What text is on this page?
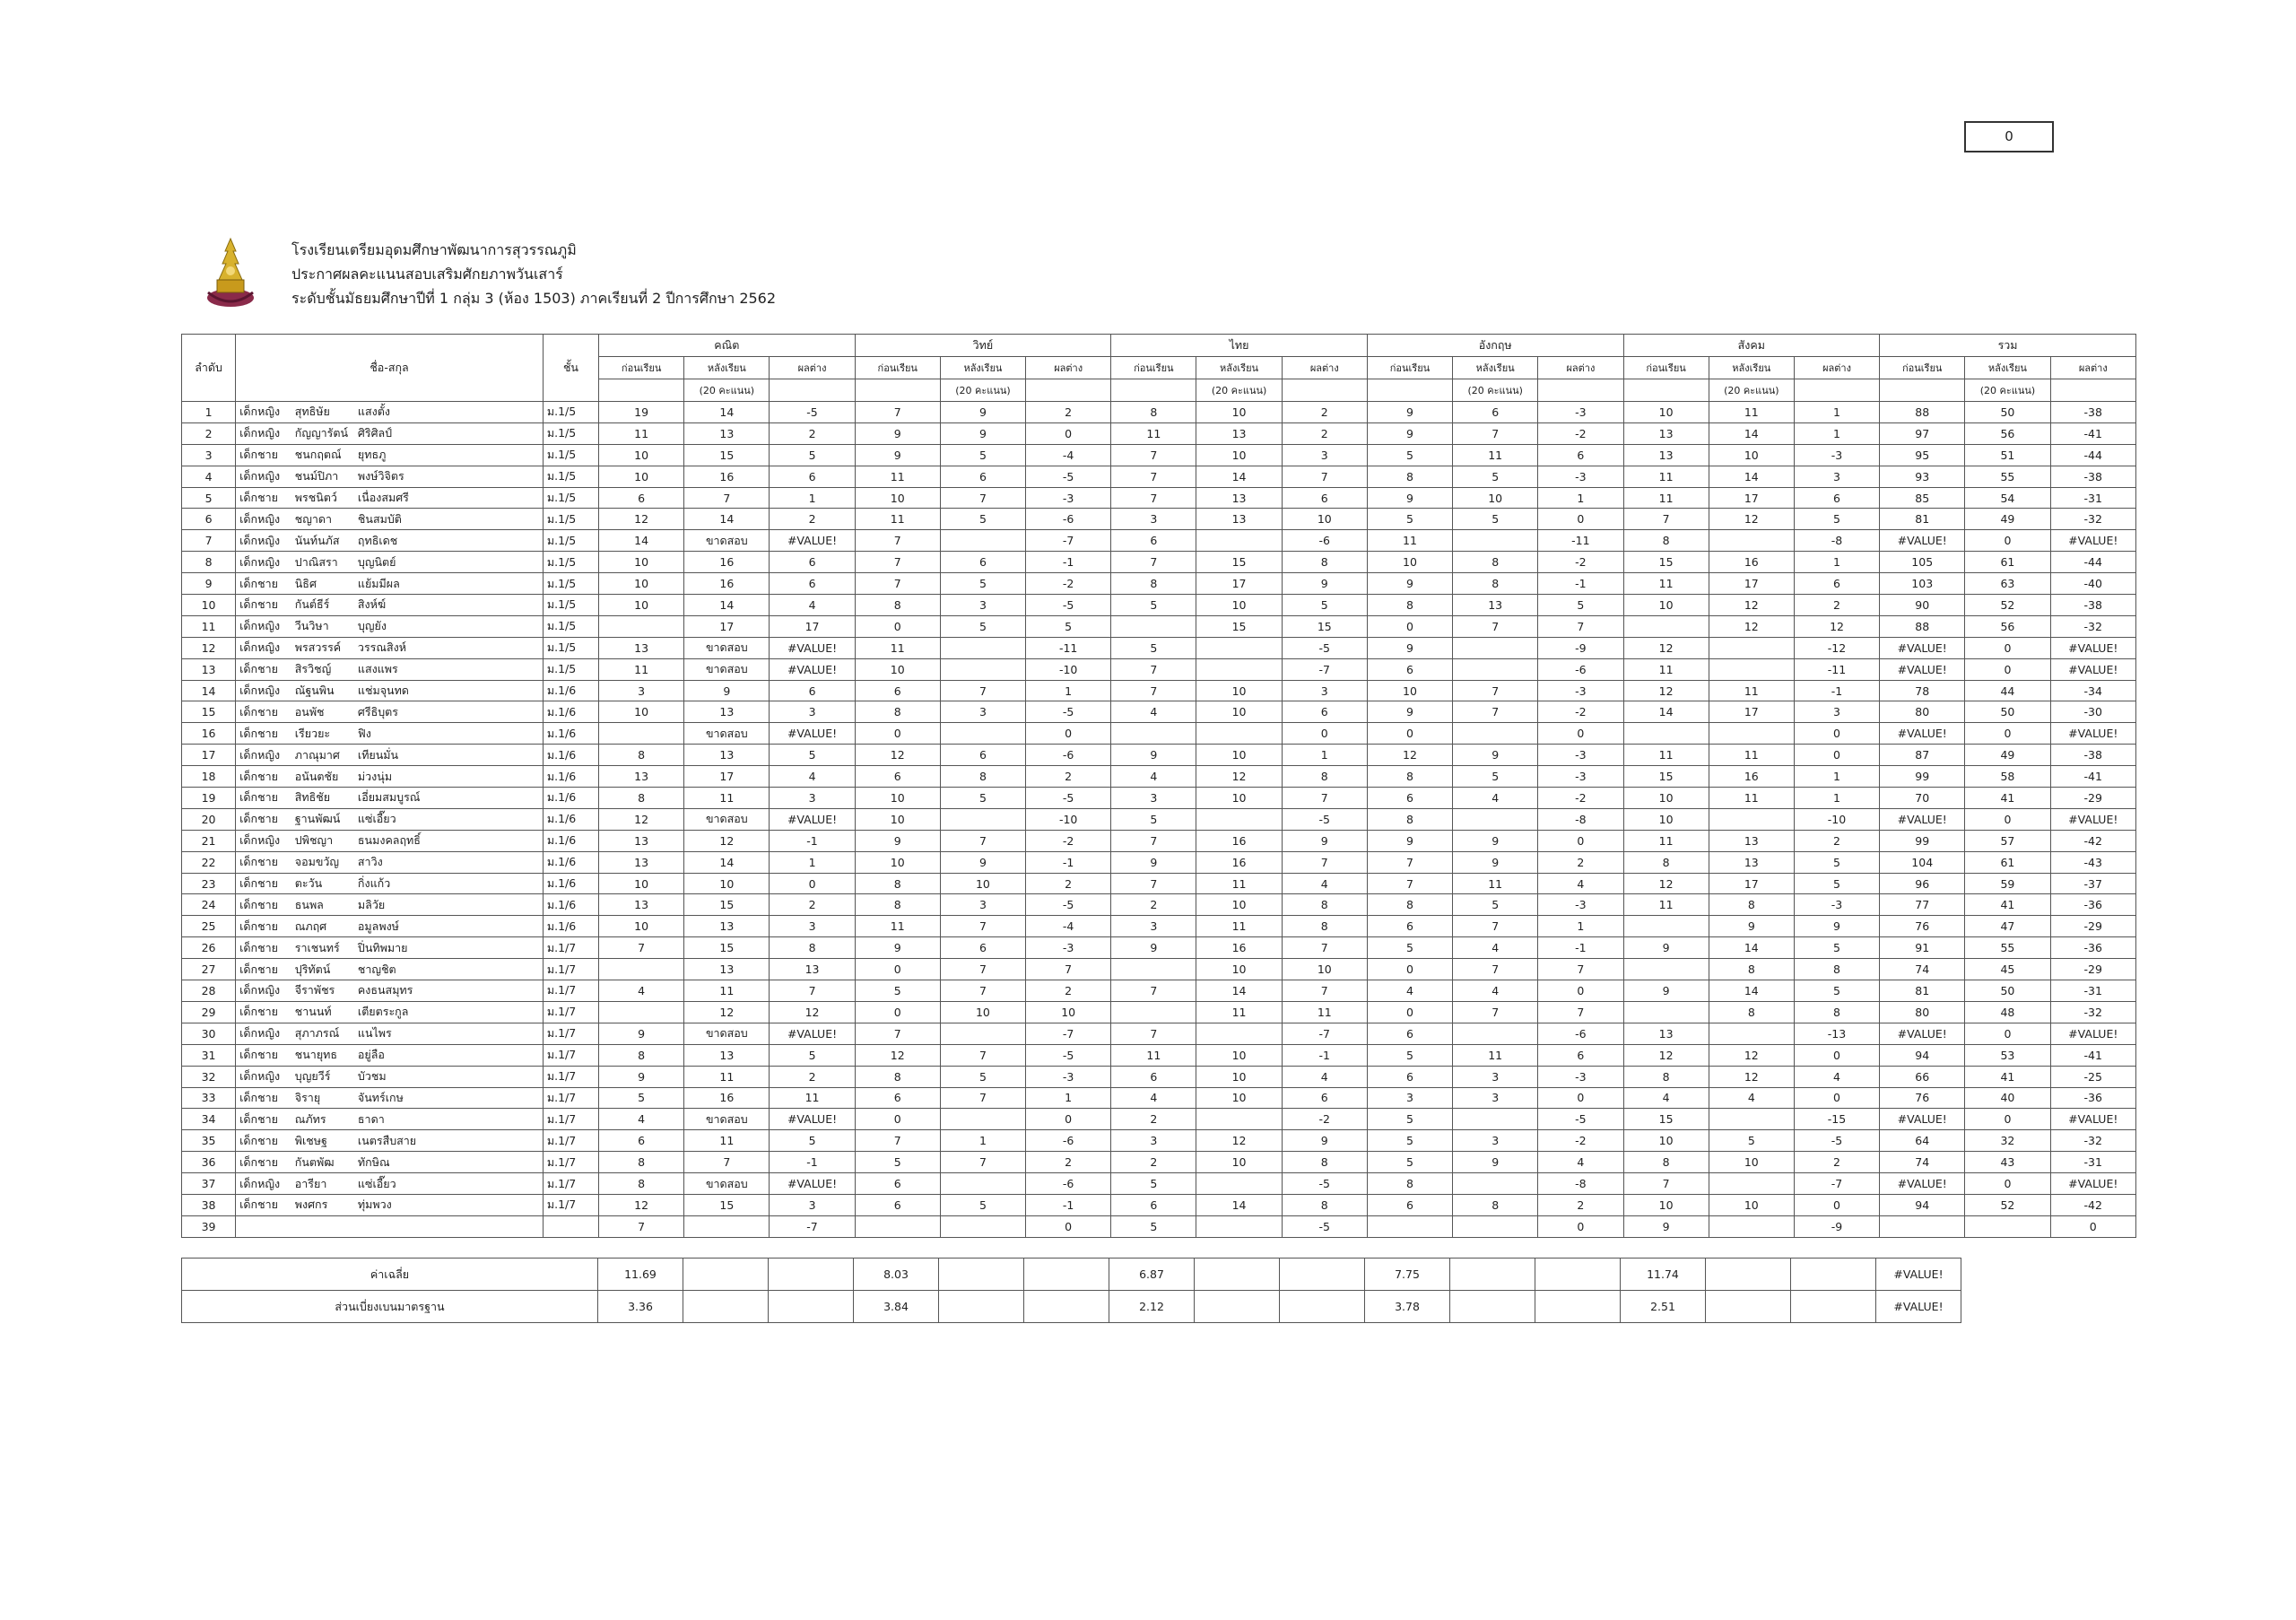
0
โรงเรียนเตรียมอุดมศึกษาพัฒนาการสุวรรณภูมิ
ประกาศผลคะแนนสอบเสริมศักยภาพวันเสาร์
ระดับชั้นมัธยมศึกษาปีที่ 1 กลุ่ม 3 (ห้อง 1503) ภาคเรียนที่ 2 ปีการศึกษา 2562
ลำดับ	ชื่อ-สกุล			ชั้น	คณิต			วิทย์			ไทย			อังกฤษ			สังคม			รวม		
					ก่อนเรียน	หลังเรียน	ผลต่าง	ก่อนเรียน	หลังเรียน	ผลต่าง	ก่อนเรียน	หลังเรียน	ผลต่าง	ก่อนเรียน	หลังเรียน	ผลต่าง	ก่อนเรียน	หลังเรียน	ผลต่าง	ก่อนเรียน	หลังเรียน	ผลต่าง
						(20 คะแนน)			(20 คะแนน)			(20 คะแนน)			(20 คะแนน)			(20 คะแนน)			(20 คะแนน)	
1	เด็กหญิง	สุทธิษัย	แสงตั้ง	ม.1/5	19	14	-5	7	9	2	8	10	2	9	6	-3	10	11	1	88	50	-38
2	เด็กหญิง	กัญญารัตน์	ศิริศิลป์	ม.1/5	11	13	2	9	9	0	11	13	2	9	7	-2	13	14	1	97	56	-41
3	เด็กชาย	ชนกฤตณ์	ยุทธภู	ม.1/5	10	15	5	9	5	-4	7	10	3	5	11	6	13	10	-3	95	51	-44
4	เด็กหญิง	ชนม์ปิภา	พงษ์วิจิตร	ม.1/5	10	16	6	11	6	-5	7	14	7	8	5	-3	11	14	3	93	55	-38
5	เด็กชาย	พรชนิตว์	เนื่องสมศรี	ม.1/5	6	7	1	10	7	-3	7	13	6	9	10	1	11	17	6	85	54	-31
6	เด็กหญิง	ชญาดา	ชินสมบัติ	ม.1/5	12	14	2	11	5	-6	3	13	10	5	5	0	7	12	5	81	49	-32
7	เด็กหญิง	นันท์นภัส	ฤทธิเดช	ม.1/5	14	ขาดสอบ	#VALUE!	7		-7	6		-6	11		-11	8		-8	#VALUE!	0	#VALUE!
8	เด็กหญิง	ปาณิสรา	บุญนิตย์	ม.1/5	10	16	6	7	6	-1	7	15	8	10	8	-2	15	16	1	105	61	-44
9	เด็กชาย	นิธิศ	แย้มมีผล	ม.1/5	10	16	6	7	5	-2	8	17	9	9	8	-1	11	17	6	103	63	-40
10	เด็กชาย	กันต์ธีร์	สิงห์ฆ์	ม.1/5	10	14	4	8	3	-5	5	10	5	8	13	5	10	12	2	90	52	-38
11	เด็กหญิง	วีนวิษา	บุญยัง	ม.1/5		17	17	0	5	5		15	15	0	7	7		12	12	88	56	-32
12	เด็กหญิง	พรสวรรค์	วรรณสิงห์	ม.1/5	13	ขาดสอบ	#VALUE!	11		-11	5		-5	9		-9	12		-12	#VALUE!	0	#VALUE!
13	เด็กชาย	สิรวิชญ์	แสงแพร	ม.1/5	11	ขาดสอบ	#VALUE!	10		-10	7		-7	6		-6	11		-11	#VALUE!	0	#VALUE!
14	เด็กหญิง	ณัฐนพิน	แช่มจุนทด	ม.1/6	3	9	6	6	7	1	7	10	3	10	7	-3	12	11	-1	78	44	-34
15	เด็กชาย	อนพัช	ศรีธิบุตร	ม.1/6	10	13	3	8	3	-5	4	10	6	9	7	-2	14	17	3	80	50	-30
16	เด็กชาย	เรียวยะ	ฟิง	ม.1/6		ขาดสอบ	#VALUE!	0		0			0	0		0			0	#VALUE!	0	#VALUE!
17	เด็กหญิง	ภาณุมาศ	เทียนมั่น	ม.1/6	8	13	5	12	6	-6	9	10	1	12	9	-3	11	11	0	87	49	-38
18	เด็กชาย	อนันตชัย	ม่วงนุ่ม	ม.1/6	13	17	4	6	8	2	4	12	8	8	5	-3	15	16	1	99	58	-41
19	เด็กชาย	สิทธิชัย	เอี่ยมสมบูรณ์	ม.1/6	8	11	3	10	5	-5	3	10	7	6	4	-2	10	11	1	70	41	-29
20	เด็กชาย	ฐานพัฒน์	แซ่เอี๊ยว	ม.1/6	12	ขาดสอบ	#VALUE!	10		-10	5		-5	8		-8	10		-10	#VALUE!	0	#VALUE!
21	เด็กหญิง	ปพิชญา	ธนมงคลฤทธิ์	ม.1/6	13	12	-1	9	7	-2	7	16	9	9	9	0	11	13	2	99	57	-42
22	เด็กชาย	จอมขวัญ	สาวิง	ม.1/6	13	14	1	10	9	-1	9	16	7	7	9	2	8	13	5	104	61	-43
23	เด็กชาย	ตะวัน	กิ่งแก้ว	ม.1/6	10	10	0	8	10	2	7	11	4	7	11	4	12	17	5	96	59	-37
24	เด็กชาย	ธนพล	มลิวัย	ม.1/6	13	15	2	8	3	-5	2	10	8	8	5	-3	11	8	-3	77	41	-36
25	เด็กชาย	ณภฤศ	อมูลพงษ์	ม.1/6	10	13	3	11	7	-4	3	11	8	6	7	1		9	9	76	47	-29
26	เด็กชาย	ราเชนทร์	ปิ่นทิพมาย	ม.1/7	7	15	8	9	6	-3	9	16	7	5	4	-1	9	14	5	91	55	-36
27	เด็กชาย	ปุริทัตน์	ชาญชิต	ม.1/7		13	13	0	7	7		10	10	0	7	7		8	8	74	45	-29
28	เด็กหญิง	จีราพัชร	คงธนสมุทร	ม.1/7	4	11	7	5	7	2	7	14	7	4	4	0	9	14	5	81	50	-31
29	เด็กชาย	ชานนท์	เตียตระกูล	ม.1/7		12	12	0	10	10		11	11	0	7	7		8	8	80	48	-32
30	เด็กหญิง	สุภาภรณ์	แนไพร	ม.1/7	9	ขาดสอบ	#VALUE!	7		-7	7		-7	6		-6	13		-13	#VALUE!	0	#VALUE!
31	เด็กชาย	ชนายุทธ	อยู่ลือ	ม.1/7	8	13	5	12	7	-5	11	10	-1	5	11	6	12	12	0	94	53	-41
32	เด็กหญิง	บุญยวีร์	บัวชม	ม.1/7	9	11	2	8	5	-3	6	10	4	6	3	-3	8	12	4	66	41	-25
33	เด็กชาย	จิรายุ	จันทร์เกษ	ม.1/7	5	16	11	6	7	1	4	10	6	3	3	0	4	4	0	76	40	-36
34	เด็กชาย	ณภัทร	ธาดา	ม.1/7	4	ขาดสอบ	#VALUE!	0		0	2		-2	5		-5	15		-15	#VALUE!	0	#VALUE!
35	เด็กชาย	พิเชษฐ	เนตรสืบสาย	ม.1/7	6	11	5	7	1	-6	3	12	9	5	3	-2	10	5	-5	64	32	-32
36	เด็กชาย	กันตพัฒ	ทักษิณ	ม.1/7	8	7	-1	5	7	2	2	10	8	5	9	4	8	10	2	74	43	-31
37	เด็กหญิง	อารียา	แซ่เอี๊ยว	ม.1/7	8	ขาดสอบ	#VALUE!	6		-6	5		-5	8		-8	7		-7	#VALUE!	0	#VALUE!
38	เด็กชาย	พงศกร	ทุ่มพวง	ม.1/7	12	15	3	6	5	-1	6	14	8	6	8	2	10	10	0	94	52	-42
39					7		-7			0	5		-5			0	9		-9			0
ค่าเฉลี่ย	11.69			8.03			6.87			7.75			11.74			#VALUE!
ส่วนเบี่ยงเบนมาตรฐาน	3.36			3.84			2.12			3.78			2.51			#VALUE!
